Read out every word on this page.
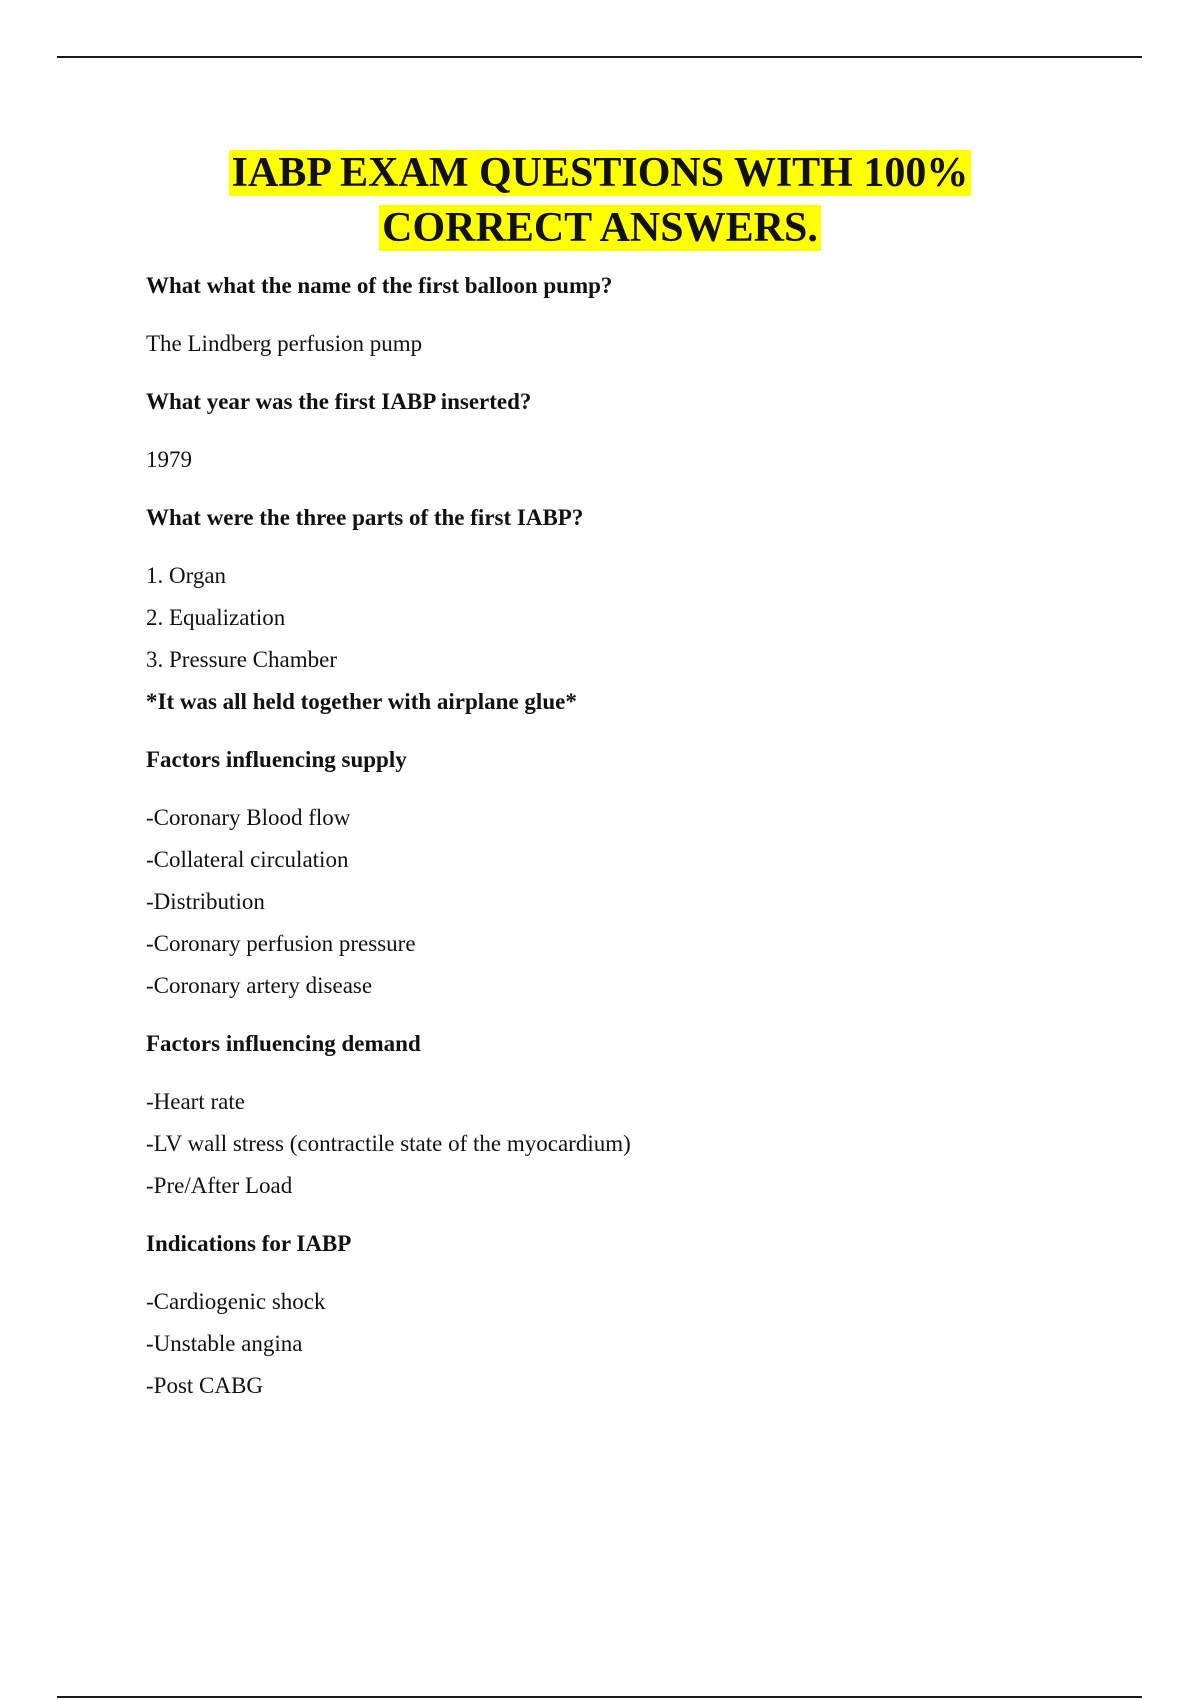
IABP EXAM QUESTIONS WITH 100%
CORRECT ANSWERS.

What what the name of the first balloon pump?

The Lindberg perfusion pump

What year was the first IABP inserted?

1979

What were the three parts of the first IABP?

1. Organ

2. Equalization

3. Pressure Chamber

*It was all held together with airplane glue*

Factors influencing supply

-Coronary Blood flow

-Collateral circulation

-Distribution

-Coronary perfusion pressure

-Coronary artery disease

Factors influencing demand

-Heart rate

-LV wall stress (contractile state of the myocardium)

-Pre/After Load

Indications for IABP

-Cardiogenic shock

-Unstable angina

-Post CABG
